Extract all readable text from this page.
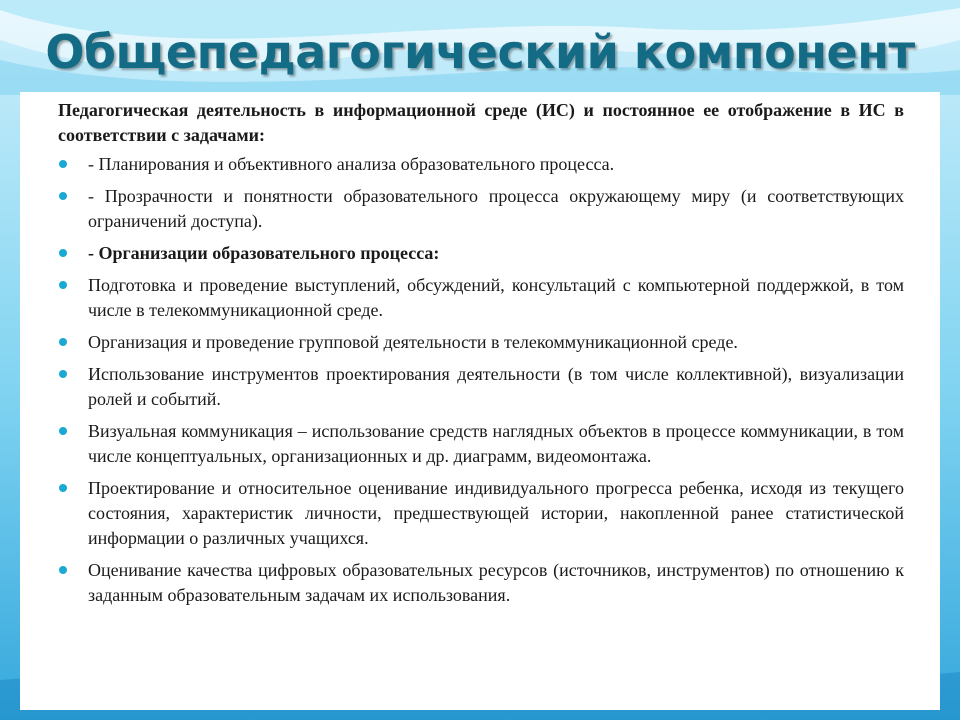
Общепедагогический компонент

Педагогическая деятельность в информационной среде (ИС) и постоянное ее отображение в ИС в соответствии с задачами:

- Планирования и объективного анализа образовательного процесса.
- Прозрачности и понятности образовательного процесса окружающему миру (и соответствующих ограничений доступа).
- Организации образовательного процесса:
Подготовка и проведение выступлений, обсуждений, консультаций с компьютерной поддержкой, в том числе в телекоммуникационной среде.
Организация и проведение групповой деятельности в телекоммуникационной среде.
Использование инструментов проектирования деятельности (в том числе коллективной), визуализации ролей и событий.
Визуальная коммуникация – использование средств наглядных объектов в процессе коммуникации, в том числе концептуальных, организационных и др. диаграмм, видеомонтажа.
Проектирование и относительное оценивание индивидуального прогресса ребенка, исходя из текущего состояния, характеристик личности, предшествующей истории, накопленной ранее статистической информации о различных учащихся.
Оценивание качества цифровых образовательных ресурсов (источников, инструментов) по отношению к заданным образовательным задачам их использования.
